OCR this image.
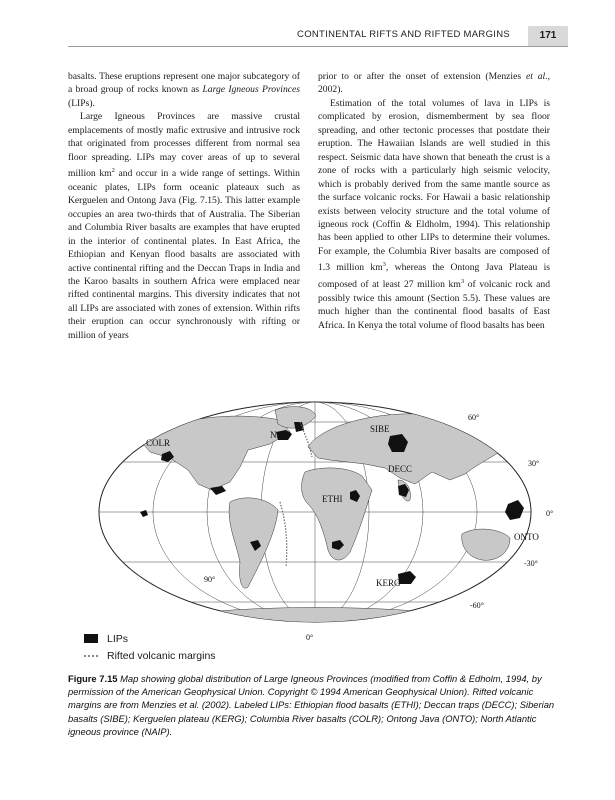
CONTINENTAL RIFTS AND RIFTED MARGINS	171

basalts. These eruptions represent one major subcategory of a broad group of rocks known as Large Igneous Provinces (LIPs).

Large Igneous Provinces are massive crustal emplacements of mostly mafic extrusive and intrusive rock that originated from processes different from normal sea floor spreading. LIPs may cover areas of up to several million $km^2$ and occur in a wide range of settings. Within oceanic plates, LIPs form oceanic plateaux such as Kerguelen and Ontong Java (Fig. 7.15). This latter example occupies an area two-thirds that of Australia. The Siberian and Columbia River basalts are examples that have erupted in the interior of continental plates. In East Africa, the Ethiopian and Kenyan flood basalts are associated with active continental rifting and the Deccan Traps in India and the Karoo basalts in southern Africa were emplaced near rifted continental margins. This diversity indicates that not all LIPs are associated with zones of extension. Within rifts their eruption can occur synchronously with rifting or million of years

prior to or after the onset of extension (Menzies et al., 2002).

Estimation of the total volumes of lava in LIPs is complicated by erosion, dismemberment by sea floor spreading, and other tectonic processes that postdate their eruption. The Hawaiian Islands are well studied in this respect. Seismic data have shown that beneath the crust is a zone of rocks with a particularly high seismic velocity, which is probably derived from the same mantle source as the surface volcanic rocks. For Hawaii a basic relationship exists between velocity structure and the total volume of igneous rock (Coffin & Eldholm, 1994). This relationship has been applied to other LIPs to determine their volumes. For example, the Columbia River basalts are composed of 1.3 million $km^3$, whereas the Ontong Java Plateau is composed of at least 27 million $km^3$ of volcanic rock and possibly twice this amount (Section 5.5). These values are much higher than the continental flood basalts of East Africa. In Kenya the total volume of flood basalts has been

NAIP
SIBE
COLR
DECC
ETHI
ONTO
KERG
60°
30°
0°
-30°
-60°
90°	90°
0°
LIPs
Rifted volcanic margins
Figure 7.15 Map showing global distribution of Large Igneous Provinces (modified from Coffin & Edholm, 1994, by permission of the American Geophysical Union. Copyright © 1994 American Geophysical Union). Rifted volcanic margins are from Menzies et al. (2002). Labeled LIPs: Ethiopian flood basalts (ETHI); Deccan traps (DECC); Siberian basalts (SIBE); Kerguelen plateau (KERG); Columbia River basalts (COLR); Ontong Java (ONTO); North Atlantic igneous province (NAIP).
